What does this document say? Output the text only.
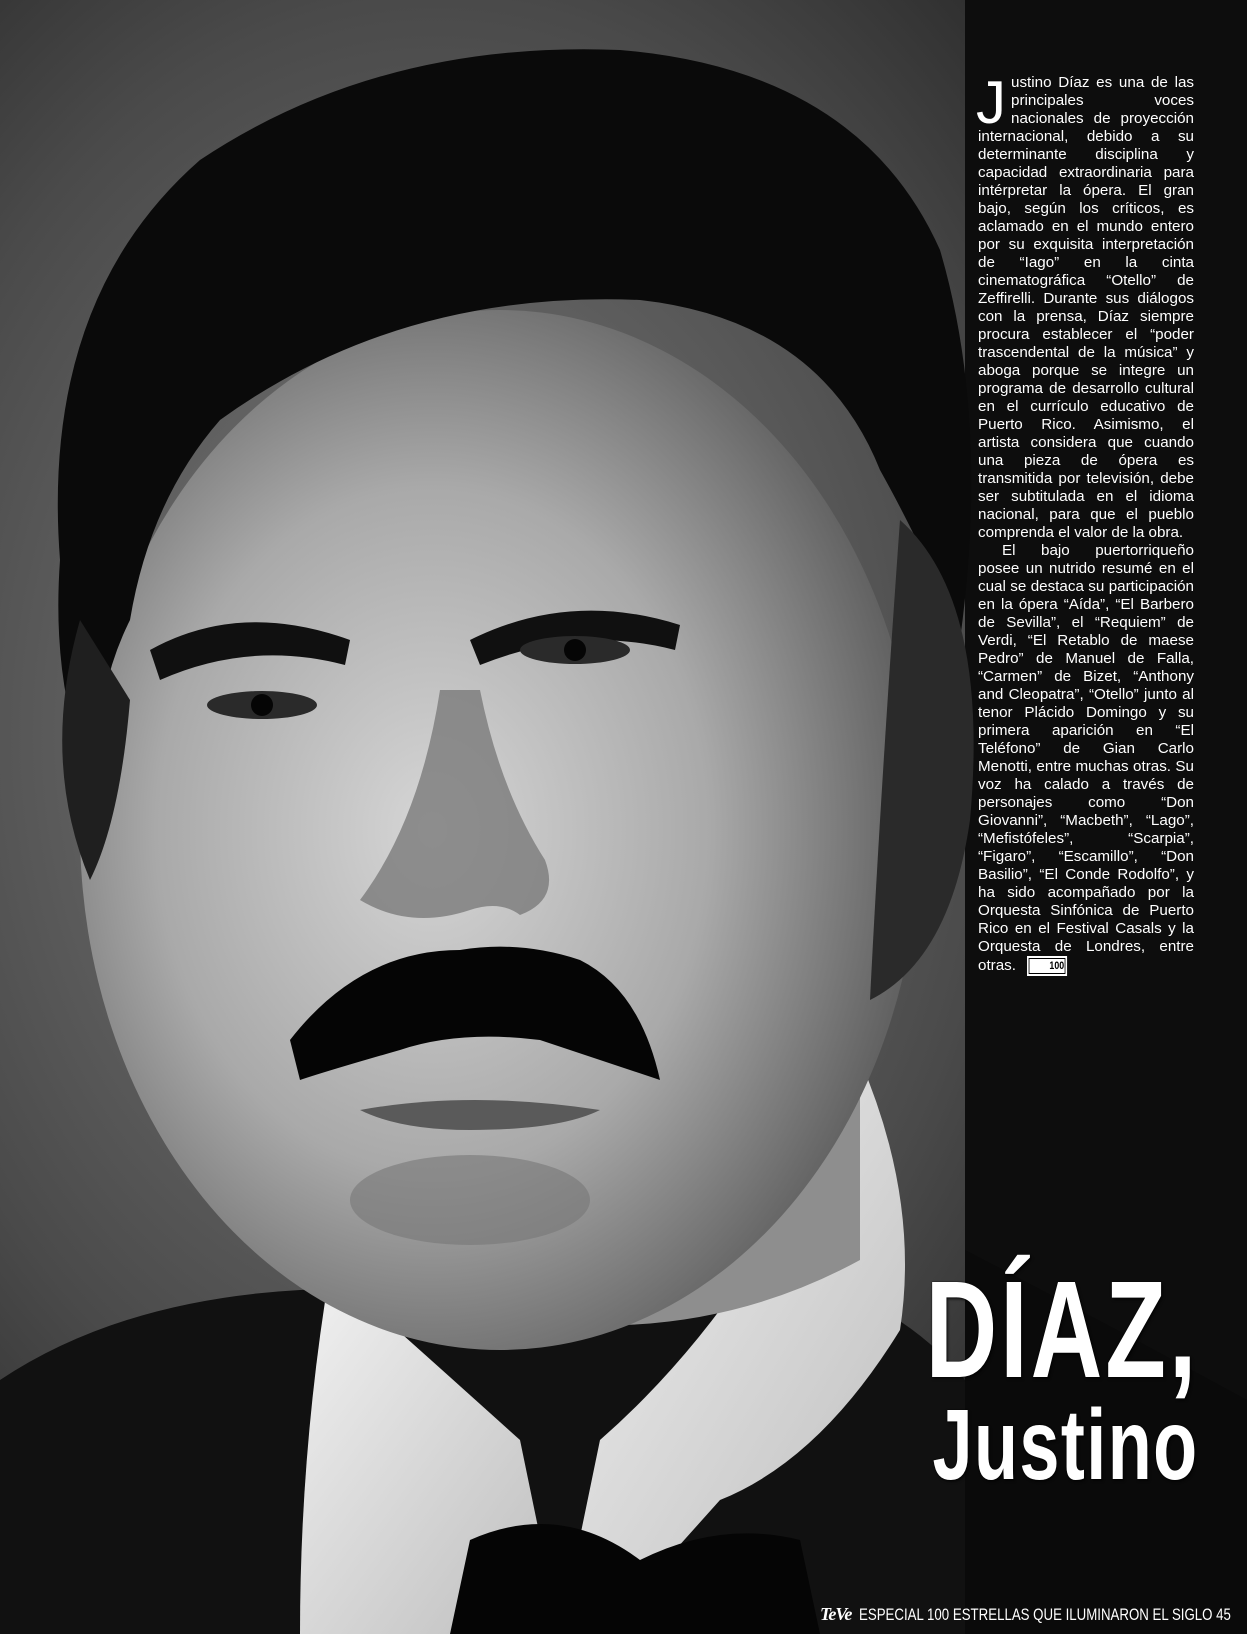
Justino Díaz es una de las principales voces nacionales de proyección internacional, debido a su determinante disciplina y capacidad extraordinaria para intérpretar la ópera. El gran bajo, según los críticos, es aclamado en el mundo entero por su exquisita interpretación de “Iago” en la cinta cinematográfica “Otello” de Zeffirelli. Durante sus diálogos con la prensa, Díaz siempre procura establecer el “poder trascendental de la música” y aboga porque se integre un programa de desarrollo cultural en el currículo educativo de Puerto Rico. Asimismo, el artista considera que cuando una pieza de ópera es transmitida por televisión, debe ser subtitulada en el idioma nacional, para que el pueblo comprenda el valor de la obra.

El bajo puertorriqueño posee un nutrido resumé en el cual se destaca su participación en la ópera “Aída”, “El Barbero de Sevilla”, el “Requiem” de Verdi, “El Retablo de maese Pedro” de Manuel de Falla, “Carmen” de Bizet, “Anthony and Cleopatra”, “Otello” junto al tenor Plácido Domingo y su primera aparición en “El Teléfono” de Gian Carlo Menotti, entre muchas otras. Su voz ha calado a través de personajes como “Don Giovanni”, “Macbeth”, “Lago”, “Mefistófeles”, “Scarpia”, “Figaro”, “Escamillo”, “Don Basilio”, “El Conde Rodolfo”, y ha sido acompañado por la Orquesta Sinfónica de Puerto Rico en el Festival Casals y la Orquesta de Londres, entre otras.	100

DÍAZ,
Justino
TeVe ESPECIAL 100 ESTRELLAS QUE ILUMINARON EL SIGLO 45
